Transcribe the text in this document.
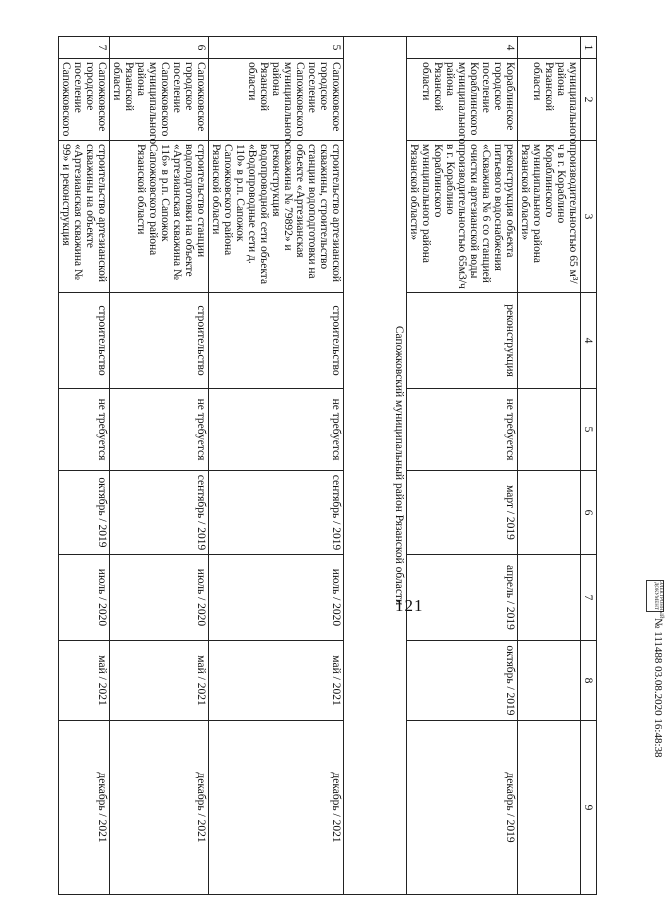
ЭЛЕКТРОННЫЙ ДОКУМЕНТ
№ 111488 03.08.2020 16:48:38
1	2	3	4	5	6	7	8	9
	муниципального района Рязанской области	производительностью 65 м³/ч в г. Кораблино Кораблинского муниципального района Рязанской области»						
4	Кораблинское городское поселение Кораблинского муниципального района Рязанской области	реконструкция объекта питьевого водоснабжения «Скважина № 6 со станцией очистки артезианской воды производительностью 65м3/ч в г. Кораблино Кораблинского муниципального района Рязанской области»	реконструкция	не требуется	март / 2019	апрель / 2019	октябрь / 2019	декабрь / 2019
Сапожковский муниципальный район Рязанской области								
5	Сапожковское городское поселение Сапожковского муниципального района Рязанской области	строительство артезианской скважины, строительство станции водоподготовки на объекте «Артезианская скважина № 79892» и реконструкция водопроводной сети объекта «Водопроводные сети д. 110» в р.п. Сапожок Сапожковского района Рязанской области	строительство	не требуется	сентябрь / 2019	июль / 2020	май / 2021	декабрь / 2021
6	Сапожковское городское поселение Сапожковского муниципального района Рязанской области	строительство станции водоподготовки на объекте «Артезианская скважина № 116» в р.п. Сапожок Сапожковского района Рязанской области	строительство	не требуется	сентябрь / 2019	июль / 2020	май / 2021	декабрь / 2021
7	Сапожковское городское поселение Сапожковского	строительство артезианской скважины на объекте «Артезианская скважина № 99» и реконструкция	строительство	не требуется	октябрь / 2019	июль / 2020	май / 2021	декабрь / 2021
121
